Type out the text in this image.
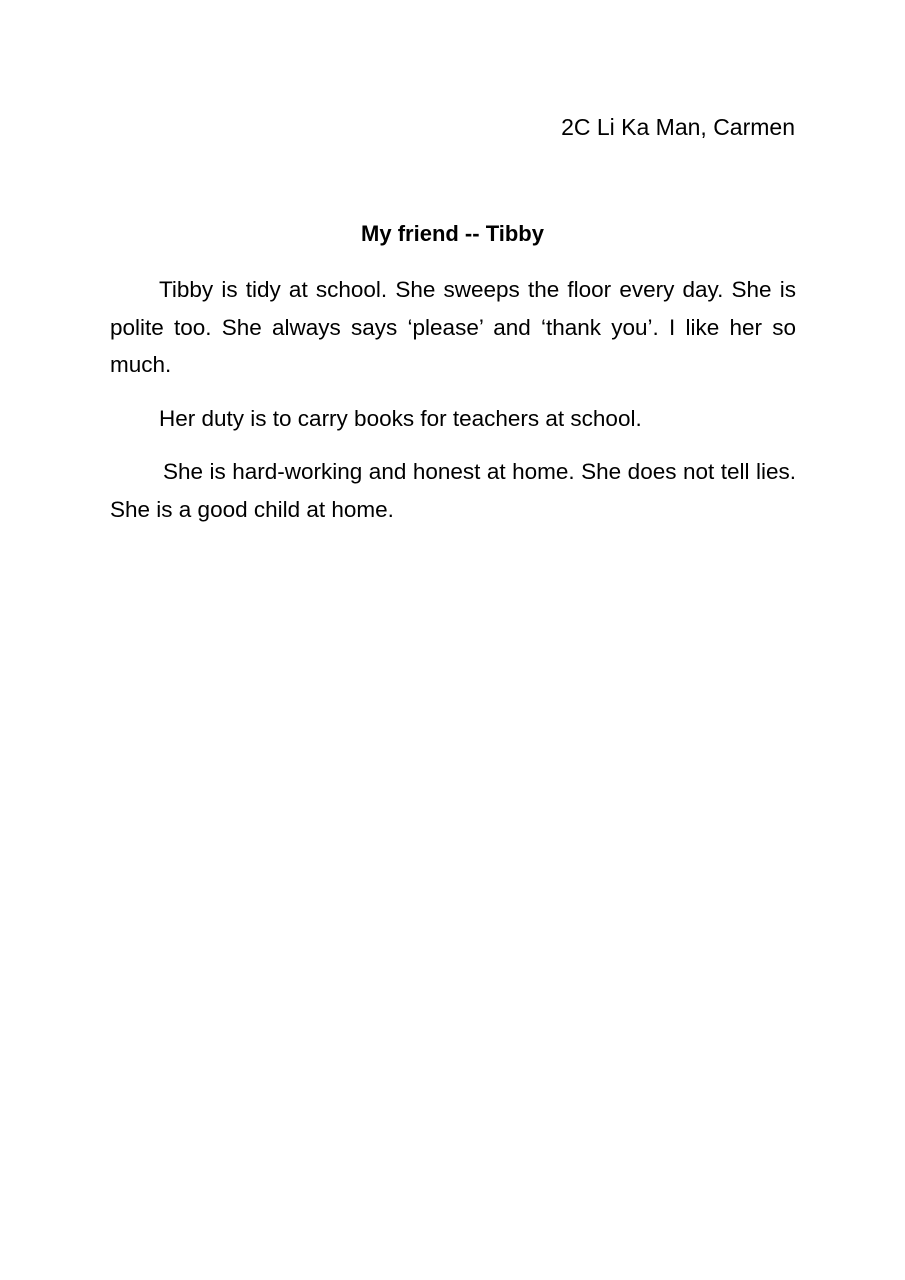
2C Li Ka Man, Carmen
My friend -- Tibby

Tibby is tidy at school. She sweeps the floor every day. She is polite too. She always says ‘please’ and ‘thank you’. I like her so much.

Her duty is to carry books for teachers at school.

She is hard-working and honest at home. She does not tell lies. She is a good child at home.
